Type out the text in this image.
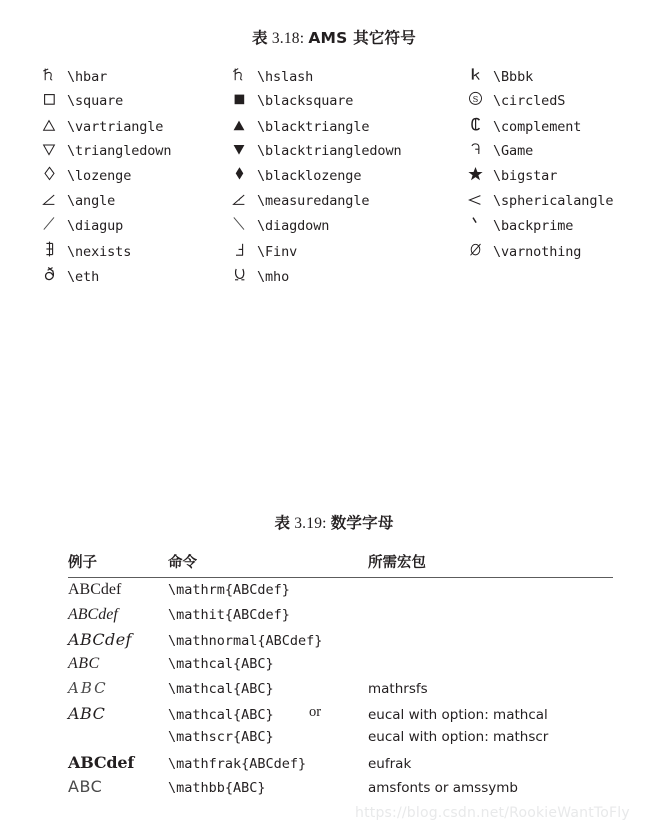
表 3.18: AMS 其它符号
\hbar	\hslash	\Bbbk
\square	\blacksquare	S \circledS
\vartriangle	\blacktriangle	\complement
\triangledown	\blacktriangledown	\Game
\lozenge	\blacklozenge	\bigstar
\angle	\measuredangle	\sphericalangle
\diagup	\diagdown	\backprime
\nexists	\Finv	\varnothing
\eth	\mho
表 3.19: 数学字母
例子	命令	所需宏包
ABCdef	\mathrm{ABCdef}
ABCdef	\mathit{ABCdef}
ABCdef	\mathnormal{ABCdef}
ABC	\mathcal{ABC}
ABC	\mathcal{ABC}	mathrsfs
ABC	\mathcal{ABC}	eucal with option: mathcal
or
\mathscr{ABC}	eucal with option: mathscr
ABCdef	\mathfrak{ABCdef}	eufrak
ABC	\mathbb{ABC}	amsfonts or amssymb
https://blog.csdn.net/RookieWantToFly
